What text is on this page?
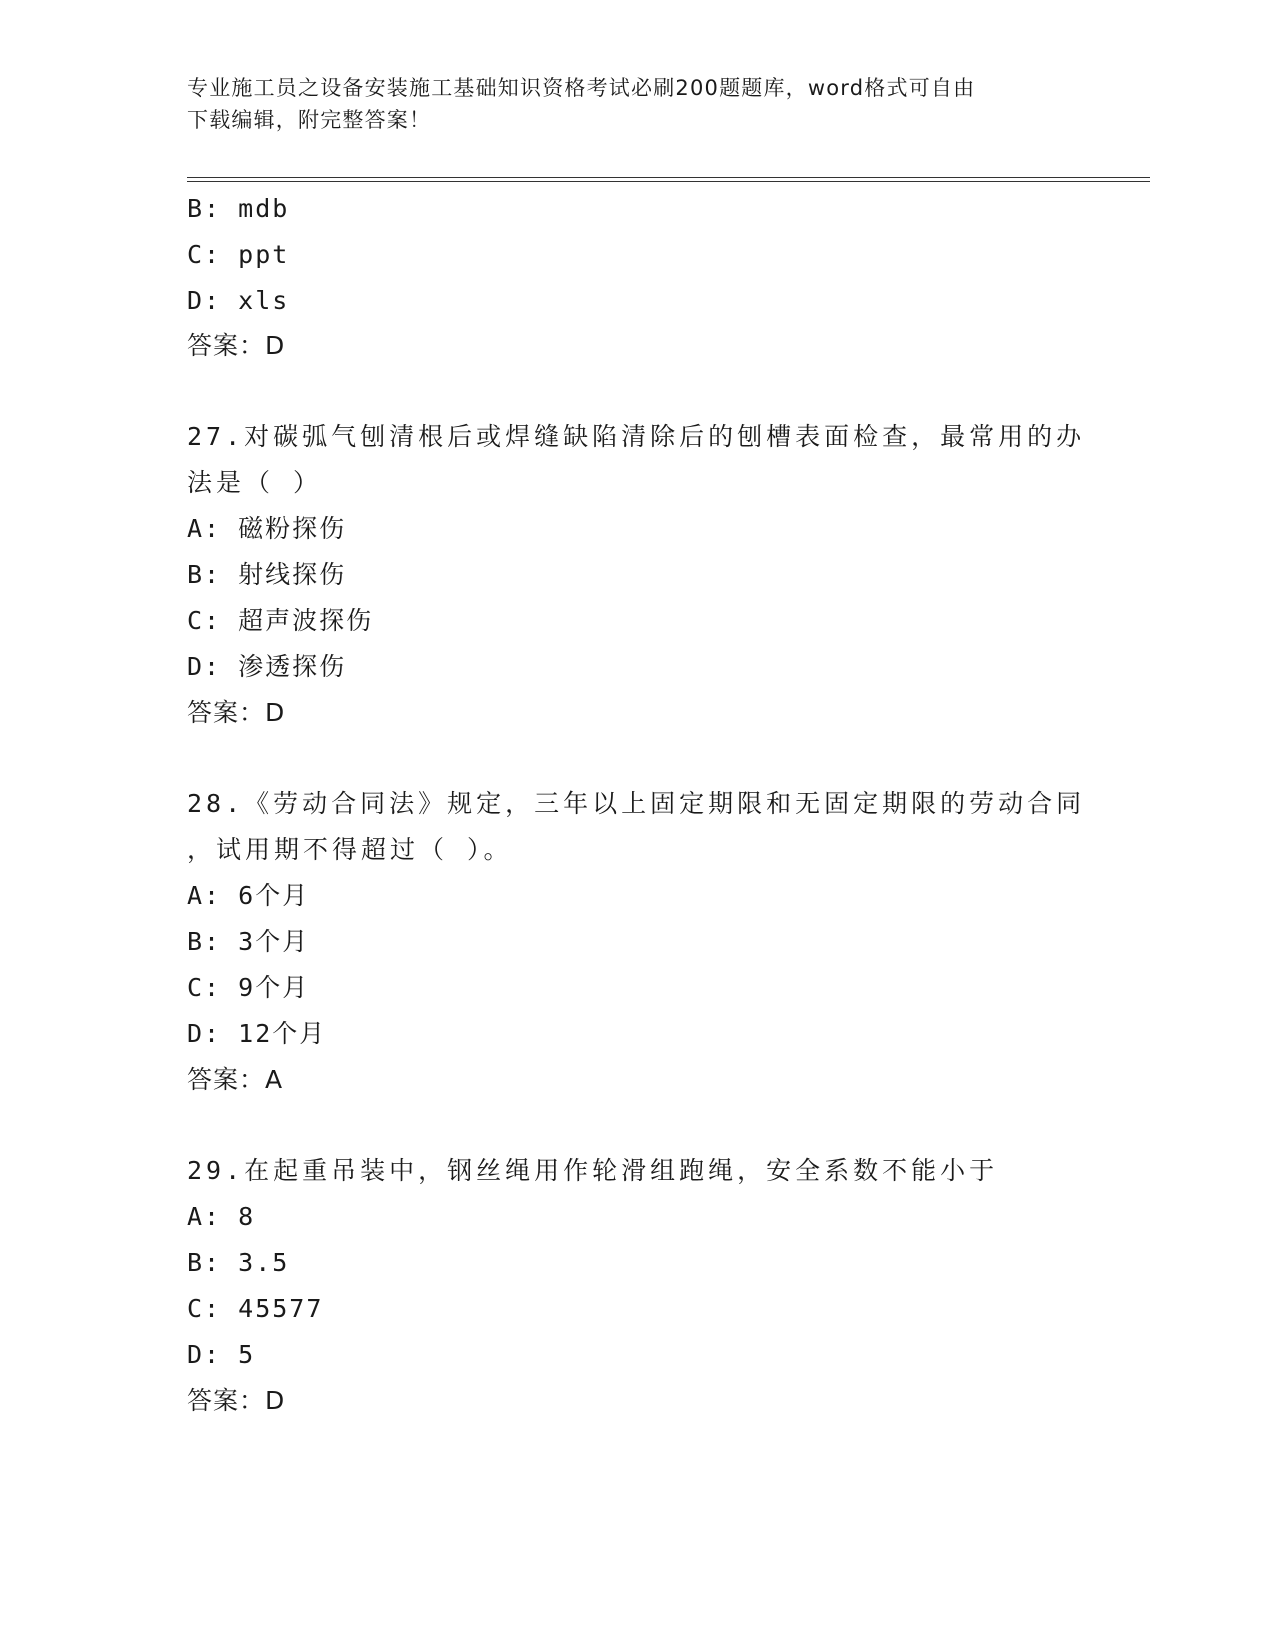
专业施工员之设备安装施工基础知识资格考试必刷200题题库，word格式可自由
下载编辑，附完整答案！
B: mdb
C: ppt
D: xls
答案：D
27.对碳弧气刨清根后或焊缝缺陷清除后的刨槽表面检查，最常用的办
法是（ ）
A: 磁粉探伤
B: 射线探伤
C: 超声波探伤
D: 渗透探伤
答案：D
28.《劳动合同法》规定，三年以上固定期限和无固定期限的劳动合同
，试用期不得超过（ ）。
A: 6个月
B: 3个月
C: 9个月
D: 12个月
答案：A
29.在起重吊装中，钢丝绳用作轮滑组跑绳，安全系数不能小于
A: 8
B: 3.5
C: 45577
D: 5
答案：D
